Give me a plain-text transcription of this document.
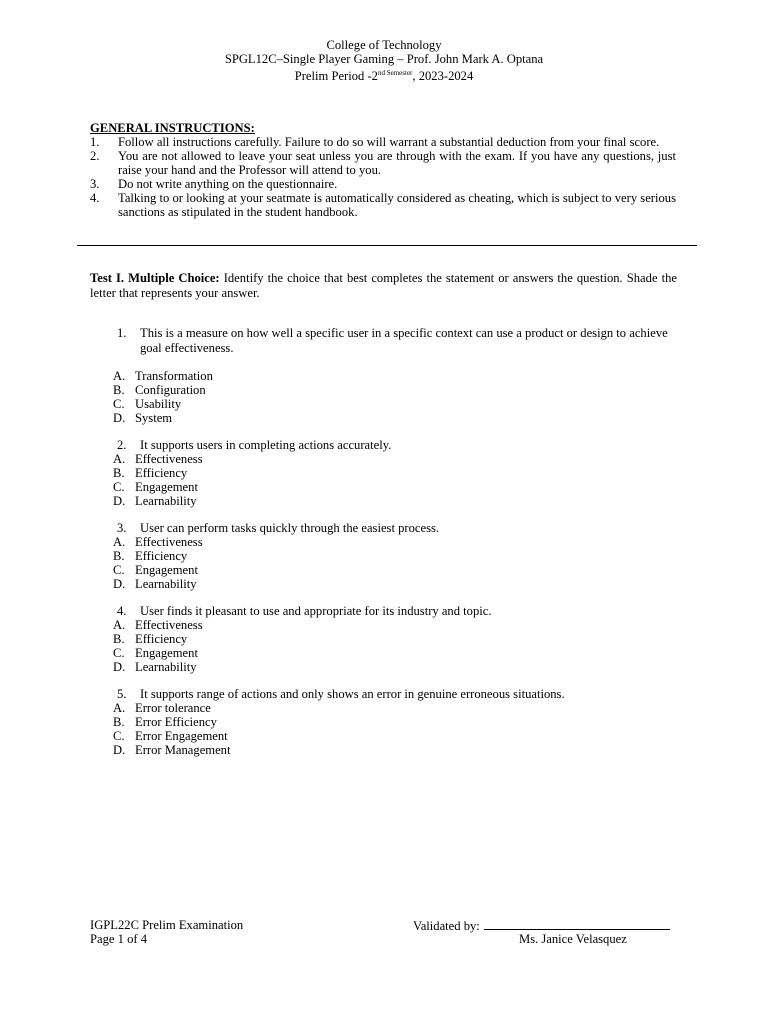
College of Technology
SPGL12C–Single Player Gaming – Prof. John Mark A. Optana
Prelim Period $-2^{nd Semester}$, 2023-2024
GENERAL INSTRUCTIONS:
1. Follow all instructions carefully. Failure to do so will warrant a substantial deduction from your final score.
2. You are not allowed to leave your seat unless you are through with the exam. If you have any questions, just raise your hand and the Professor will attend to you.
3. Do not write anything on the questionnaire.
4. Talking to or looking at your seatmate is automatically considered as cheating, which is subject to very serious sanctions as stipulated in the student handbook.
Test I. Multiple Choice: Identify the choice that best completes the statement or answers the question. Shade the letter that represents your answer.
1.	This is a measure on how well a specific user in a specific context can use a product or design to achieve goal effectiveness.
A. Transformation
B. Configuration
C. Usability
D. System
2.	It supports users in completing actions accurately.
A. Effectiveness
B. Efficiency
C. Engagement
D. Learnability
3.	User can perform tasks quickly through the easiest process.
A. Effectiveness
B. Efficiency
C. Engagement
D. Learnability
4.	User finds it pleasant to use and appropriate for its industry and topic.
A. Effectiveness
B. Efficiency
C. Engagement
D. Learnability
5.	It supports range of actions and only shows an error in genuine erroneous situations.
A. Error tolerance
B. Error Efficiency
C. Error Engagement
D. Error Management
IGPL22C Prelim Examination
Page 1 of 4
Validated by:
Ms. Janice Velasquez
